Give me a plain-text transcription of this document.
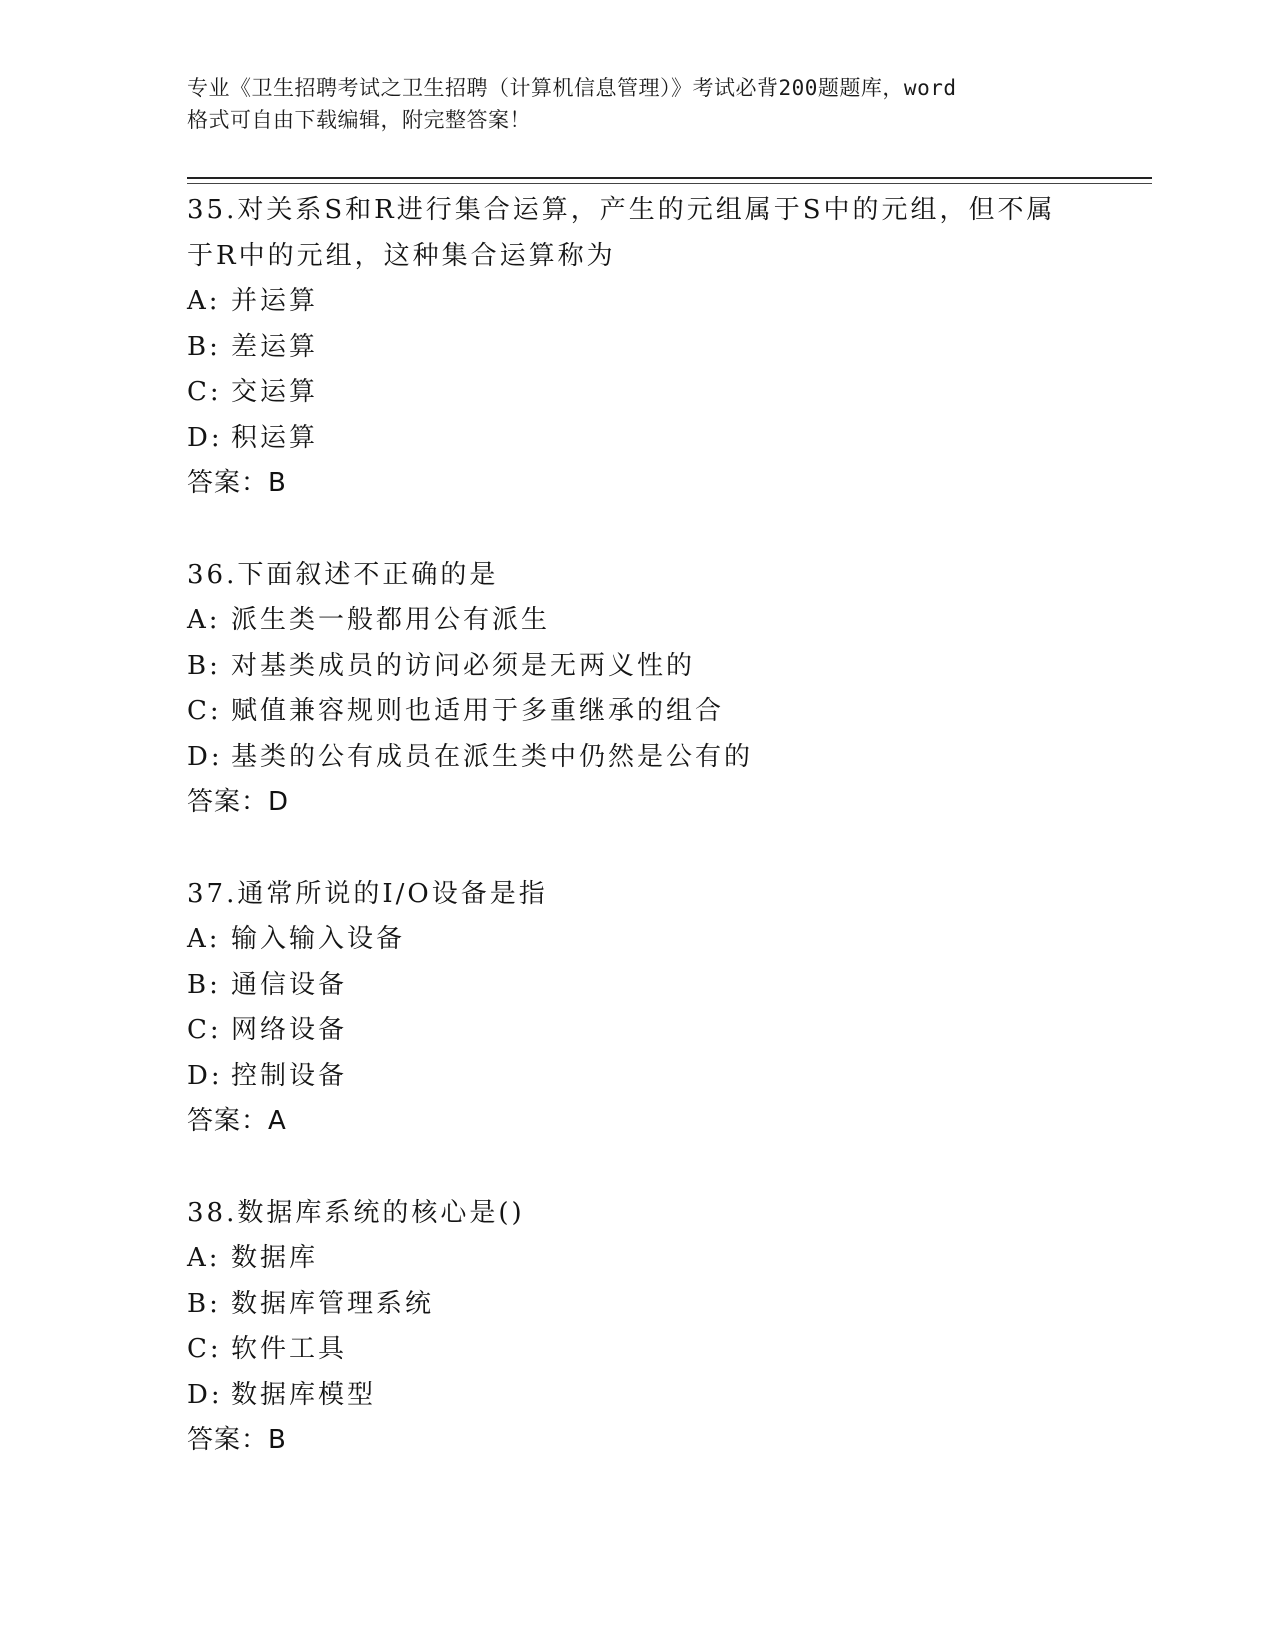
专业《卫生招聘考试之卫生招聘（计算机信息管理）》考试必背200题题库，word
格式可自由下载编辑，附完整答案！
35.对关系S和R进行集合运算，产生的元组属于S中的元组，但不属
于R中的元组，这种集合运算称为
A: 并运算
B: 差运算
C: 交运算
D: 积运算
答案：B
36.下面叙述不正确的是
A: 派生类一般都用公有派生
B: 对基类成员的访问必须是无两义性的
C: 赋值兼容规则也适用于多重继承的组合
D: 基类的公有成员在派生类中仍然是公有的
答案：D
37.通常所说的I/O设备是指
A: 输入输入设备
B: 通信设备
C: 网络设备
D: 控制设备
答案：A
38.数据库系统的核心是()
A: 数据库
B: 数据库管理系统
C: 软件工具
D: 数据库模型
答案：B
